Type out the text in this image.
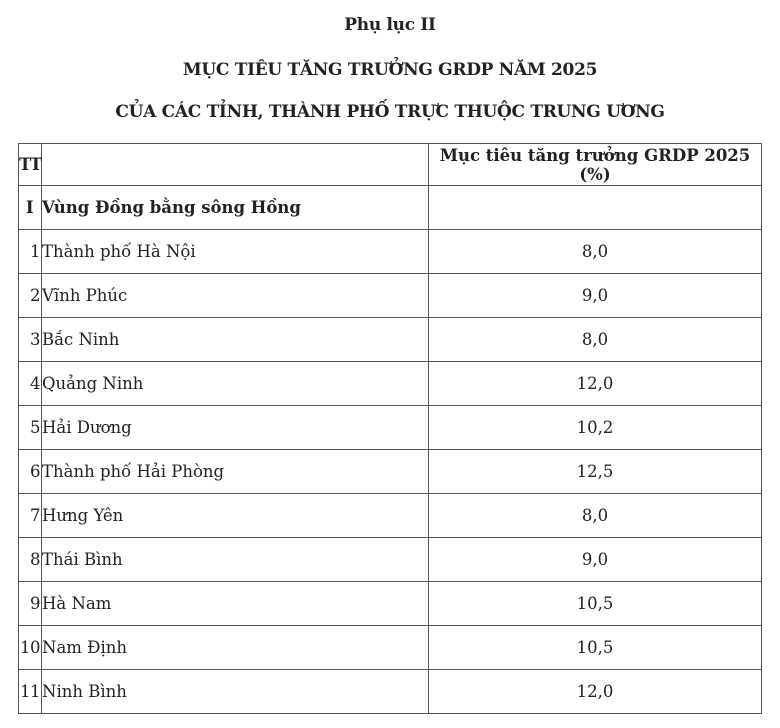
Phụ lục II
MỤC TIÊU TĂNG TRƯỞNG GRDP NĂM 2025
CỦA CÁC TỈNH, THÀNH PHỐ TRỰC THUỘC TRUNG ƯƠNG
TT		Mục tiêu tăng trưởng GRDP 2025 (%)
I	Vùng Đồng bằng sông Hồng	
1	Thành phố Hà Nội	8,0
2	Vĩnh Phúc	9,0
3	Bắc Ninh	8,0
4	Quảng Ninh	12,0
5	Hải Dương	10,2
6	Thành phố Hải Phòng	12,5
7	Hưng Yên	8,0
8	Thái Bình	9,0
9	Hà Nam	10,5
10	Nam Định	10,5
11	Ninh Bình	12,0
